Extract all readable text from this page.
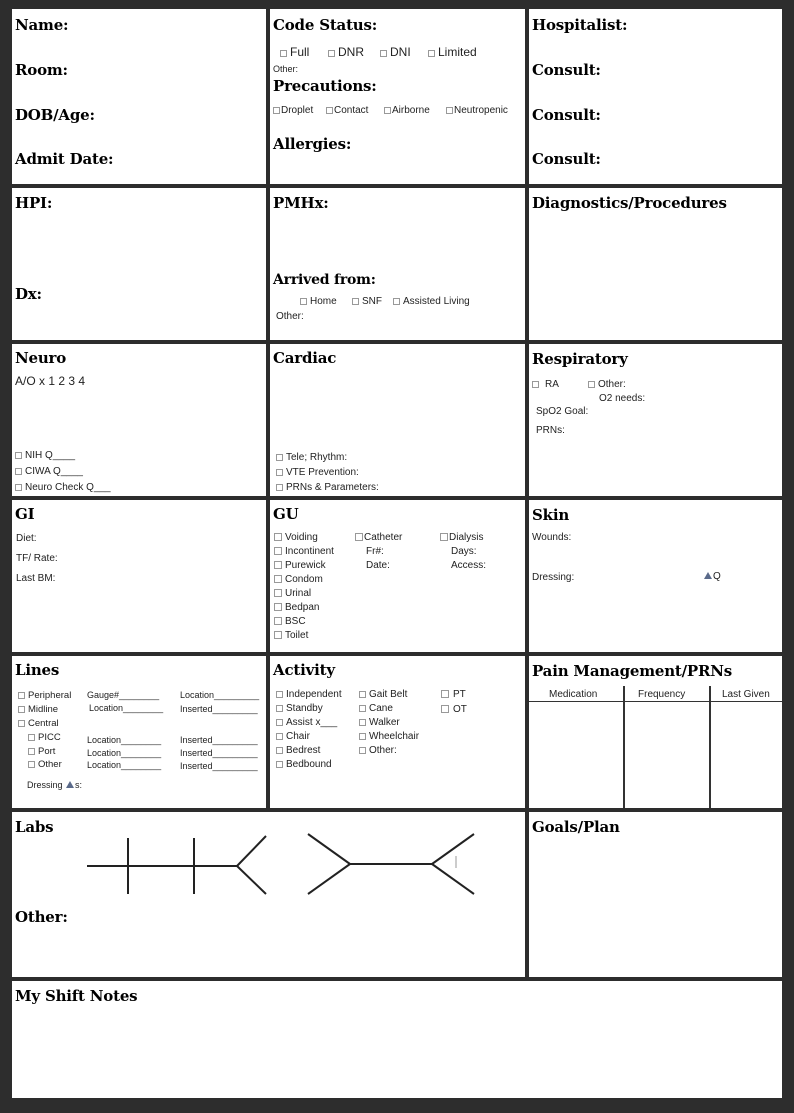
Name:
Room:
DOB/Age:
Admit Date:
Code Status:
Full	DNR	DNI	Limited
Other:
Precautions:
Droplet	Contact	Airborne	Neutropenic
Allergies:
Hospitalist:
Consult:
Consult:
Consult:
HPI:
Dx:
PMHx:
Arrived from:
Home	SNF	Assisted Living
Other:
Diagnostics/Procedures
Neuro
A/O x 1 2 3 4
NIH Q____
CIWA Q____
Neuro Check Q___
Cardiac
Tele; Rhythm:
VTE Prevention:
PRNs & Parameters:
Respiratory
RA	Other:
O2 needs:
SpO2 Goal:
PRNs:
GI
Diet:
TF/ Rate:
Last BM:
GU
Voiding
Incontinent
Purewick
Condom
Urinal
Bedpan
BSC
Toilet
Catheter
Fr#:
Date:
Dialysis
Days:
Access:
Skin
Wounds:
Dressing:	Q
Lines
Peripheral
Midline
Central
PICC
Port
Other
Gauge#________ Location_________
Location________ Inserted_________
Location________ Inserted_________
Location________ Inserted_________
Location________ Inserted_________
Dressing s:
Activity
Independent
Standby
Assist x___
Chair
Bedrest
Bedbound
Gait Belt
Cane
Walker
Wheelchair
Other:
PT
OT
Pain Management/PRNs
Medication	Frequency	Last Given
Labs
Other:
Goals/Plan
My Shift Notes
